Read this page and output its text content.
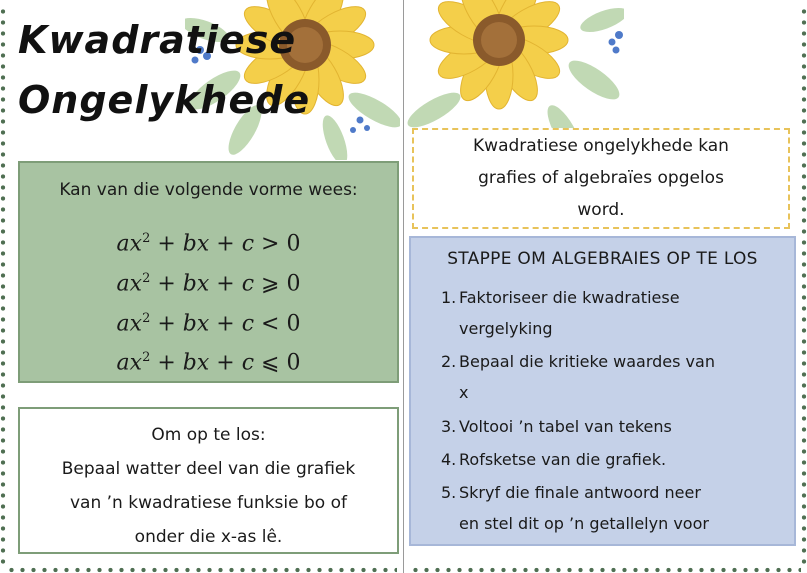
Kwadratiese
Ongelykhede
Kan van die volgende vorme wees:
$ax^2$ + bx + c > 0
$ax^2$ + bx + c ⩾ 0
$ax^2$ + bx + c < 0
$ax^2$ + bx + c ⩽ 0
Om op te los:
Bepaal watter deel van die grafiek
van ’n kwadratiese funksie bo of
onder die x-as lê.
Kwadratiese ongelykhede kan
grafies of algebraïes opgelos
word.
STAPPE OM ALGEBRAIES OP TE LOS
1. Faktoriseer die kwadratiese
vergelyking
2. Bepaal die kritieke waardes van
x
3. Voltooi ’n tabel van tekens
4. Rofsketse van die grafiek.
5. Skryf die finale antwoord neer
en stel dit op ’n getallelyn voor
